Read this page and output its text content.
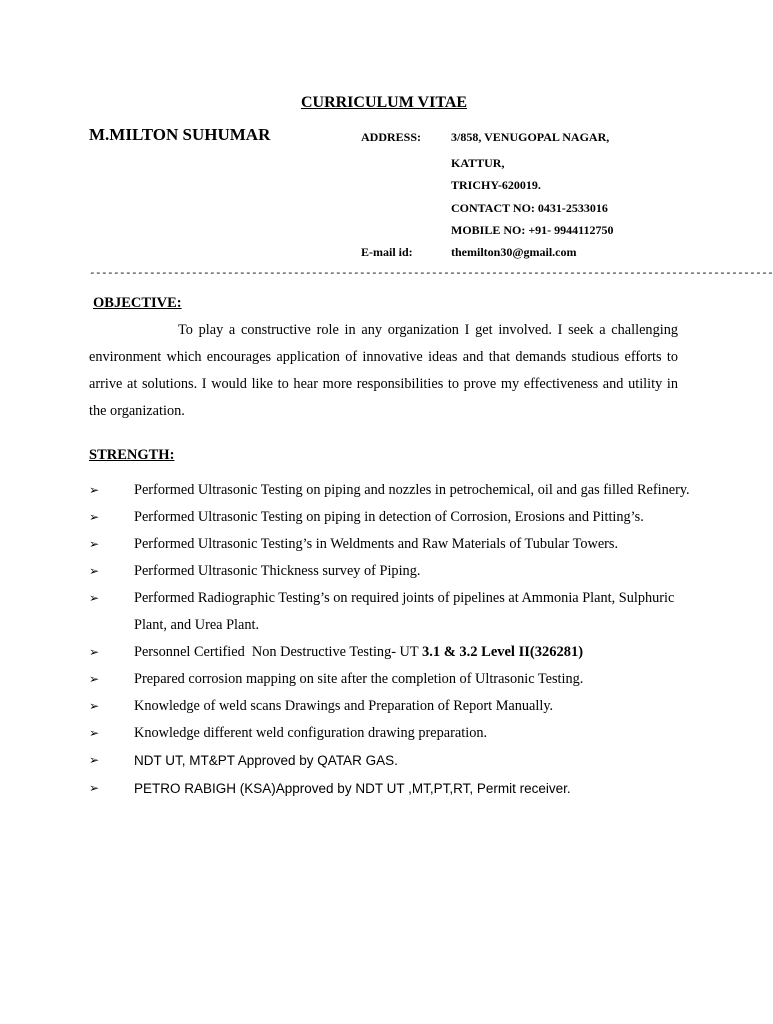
CURRICULUM VITAE
M.MILTON SUHUMAR	ADDRESS: 3/858, VENUGOPAL NAGAR,
KATTUR,
TRICHY-620019.
CONTACT NO: 0431-2533016
MOBILE NO: +91- 9944112750
E-mail id:	themilton30@gmail.com
------------------------------------------------------------------------------------------------------------------
OBJECTIVE:
To play a constructive role in any organization I get involved. I seek a challenging environment which encourages application of innovative ideas and that demands studious efforts to arrive at solutions. I would like to hear more responsibilities to prove my effectiveness and utility in the organization.
STRENGTH:
➢ Performed Ultrasonic Testing on piping and nozzles in petrochemical, oil and gas filled Refinery.
➢ Performed Ultrasonic Testing on piping in detection of Corrosion, Erosions and Pitting’s.
➢ Performed Ultrasonic Testing’s in Weldments and Raw Materials of Tubular Towers.
➢ Performed Ultrasonic Thickness survey of Piping.
➢ Performed Radiographic Testing’s on required joints of pipelines at Ammonia Plant, Sulphuric Plant, and Urea Plant.
➢ Personnel Certified  Non Destructive Testing- UT 3.1 & 3.2 Level II(326281)
➢ Prepared corrosion mapping on site after the completion of Ultrasonic Testing.
➢ Knowledge of weld scans Drawings and Preparation of Report Manually.
➢ Knowledge different weld configuration drawing preparation.
➢	NDT UT, MT&PT Approved by QATAR GAS.
➢	PETRO RABIGH (KSA)Approved by NDT UT ,MT,PT,RT, Permit receiver.
